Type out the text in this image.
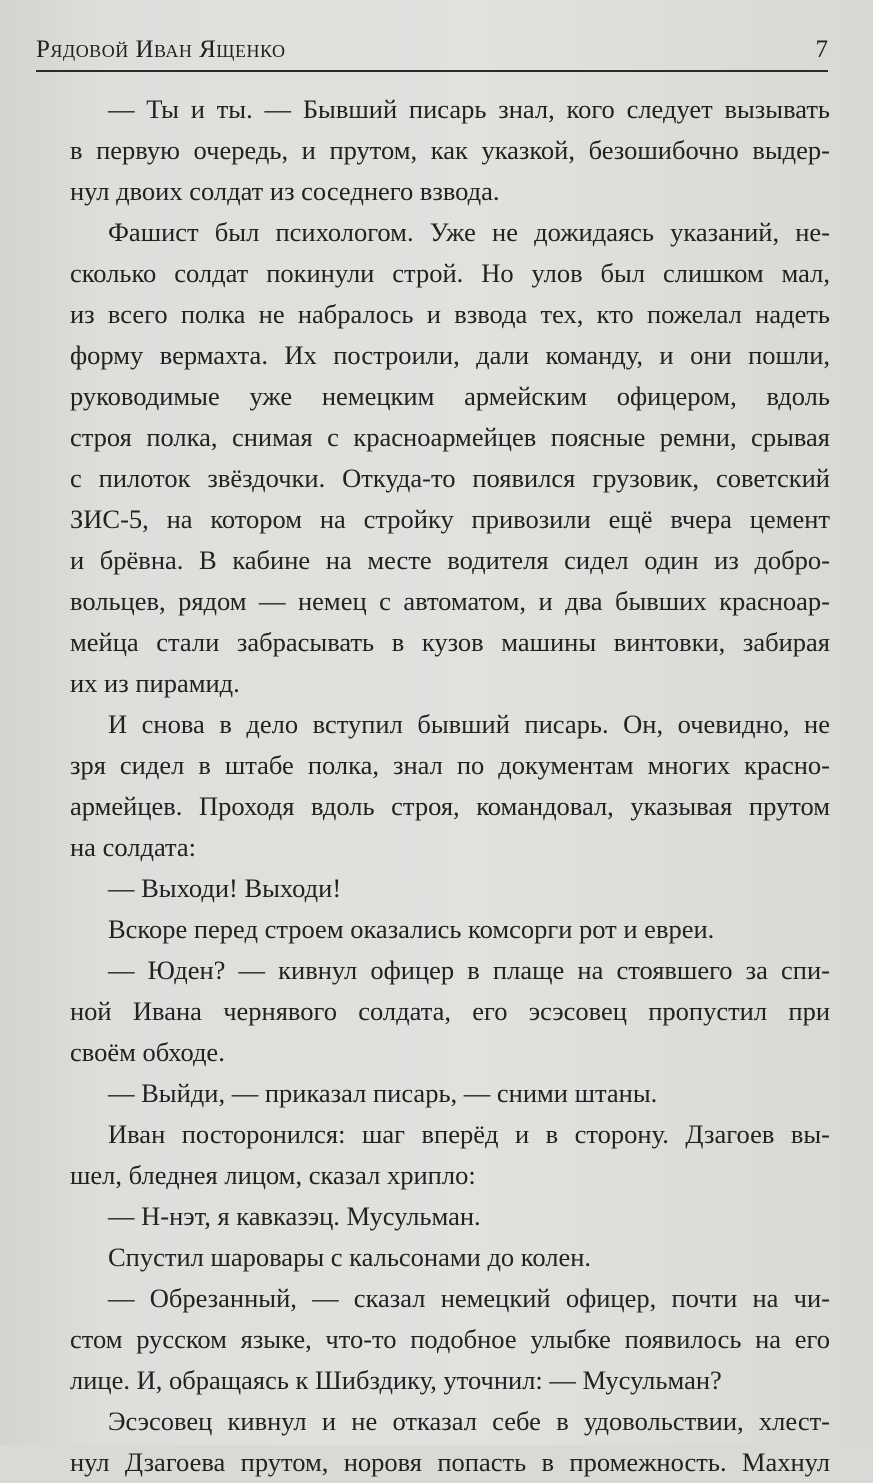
Рядовой Иван Ященко	7
— Ты и ты. — Бывший писарь знал, кого следует вызывать
в первую очередь, и прутом, как указкой, безошибочно выдер-
нул двоих солдат из соседнего взвода.
Фашист был психологом. Уже не дожидаясь указаний, не-
сколько солдат покинули строй. Но улов был слишком мал,
из всего полка не набралось и взвода тех, кто пожелал надеть
форму вермахта. Их построили, дали команду, и они пошли,
руководимые уже немецким армейским офицером, вдоль
строя полка, снимая с красноармейцев поясные ремни, срывая
с пилоток звёздочки. Откуда-то появился грузовик, советский
ЗИС-5, на котором на стройку привозили ещё вчера цемент
и брёвна. В кабине на месте водителя сидел один из добро-
вольцев, рядом — немец с автоматом, и два бывших красноар-
мейца стали забрасывать в кузов машины винтовки, забирая
их из пирамид.
И снова в дело вступил бывший писарь. Он, очевидно, не
зря сидел в штабе полка, знал по документам многих красно-
армейцев. Проходя вдоль строя, командовал, указывая прутом
на солдата:
— Выходи! Выходи!
Вскоре перед строем оказались комсорги рот и евреи.
— Юден? — кивнул офицер в плаще на стоявшего за спи-
ной Ивана чернявого солдата, его эсэсовец пропустил при
своём обходе.
— Выйди, — приказал писарь, — сними штаны.
Иван посторонился: шаг вперёд и в сторону. Дзагоев вы-
шел, бледнея лицом, сказал хрипло:
— Н-нэт, я кавказэц. Мусульман.
Спустил шаровары с кальсонами до колен.
— Обрезанный, — сказал немецкий офицер, почти на чи-
стом русском языке, что-то подобное улыбке появилось на его
лице. И, обращаясь к Шибздику, уточнил: — Мусульман?
Эсэсовец кивнул и не отказал себе в удовольствии, хлест-
нул Дзагоева прутом, норовя попасть в промежность. Махнул
